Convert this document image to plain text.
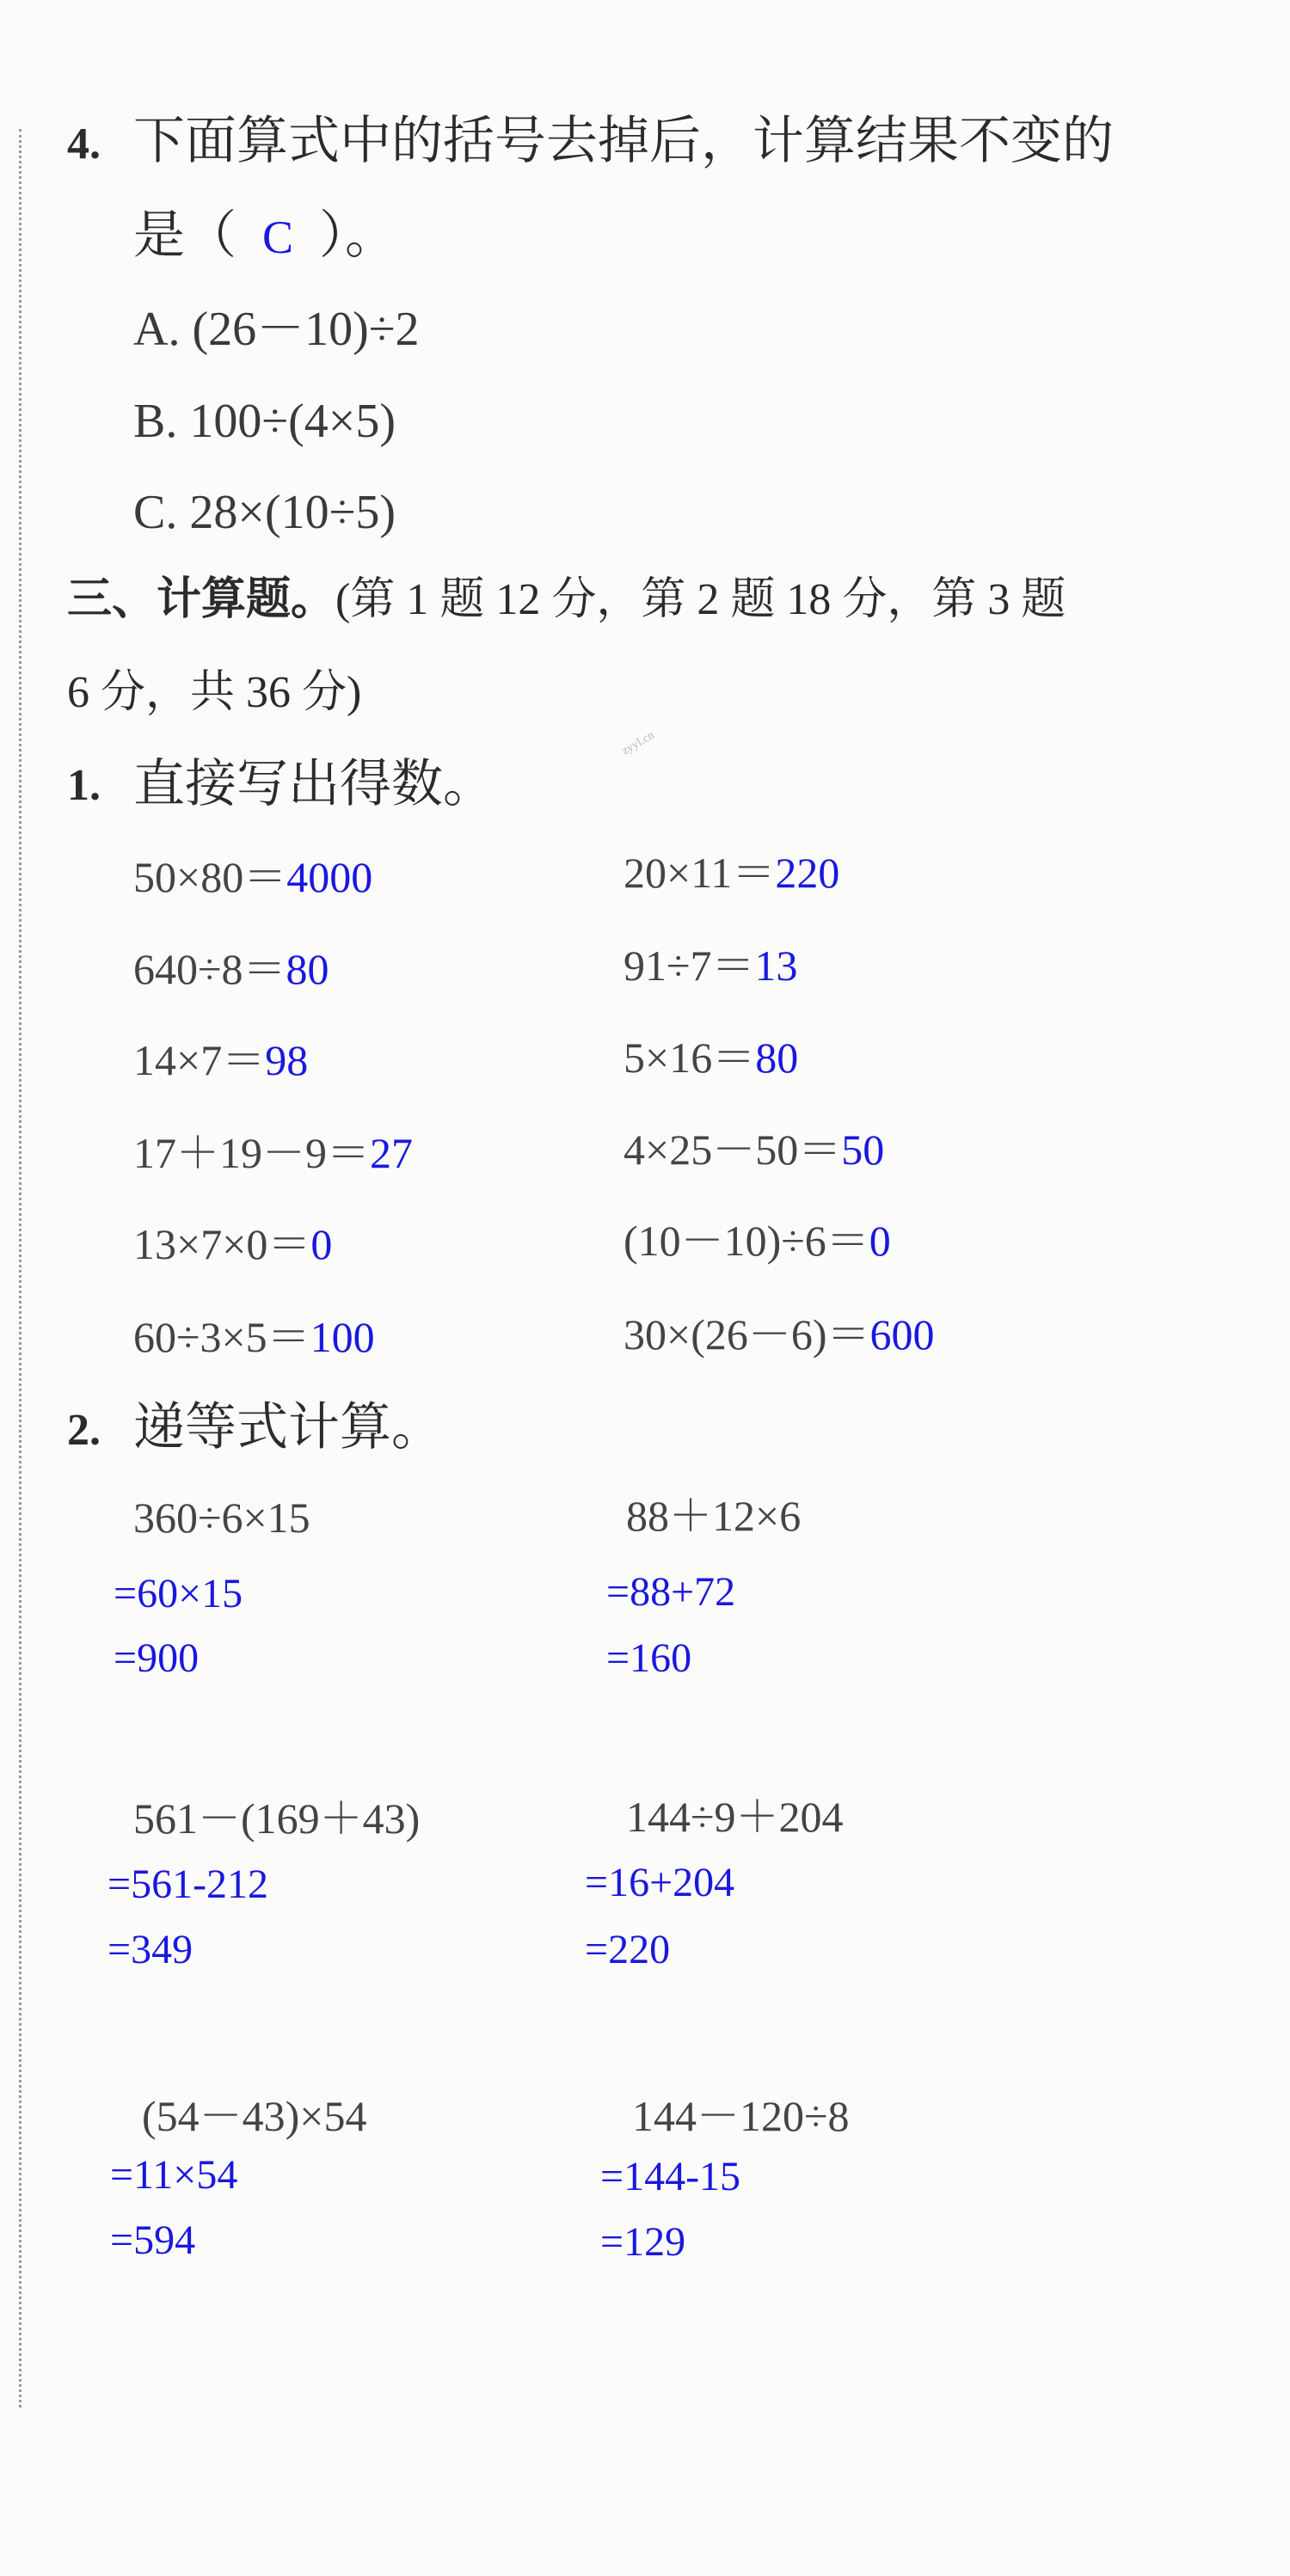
4. 下面算式中的括号去掉后，计算结果不变的
是（ C ）。
A. (26－10)÷2
B. 100÷(4×5)
C. 28×(10÷5)
三、计算题。(第 1 题 12 分，第 2 题 18 分，第 3 题
6 分，共 36 分)
zyyl.cn
1. 直接写出得数。
50×80＝4000	20×11＝220
640÷8＝80	91÷7＝13
14×7＝98	5×16＝80
17＋19－9＝27	4×25－50＝50
13×7×0＝0	(10－10)÷6＝0
60÷3×5＝100	30×(26－6)＝600
2. 递等式计算。
360÷6×15
=60×15
=900
88＋12×6
=88+72
=160
561－(169＋43)
=561-212
=349
144÷9＋204
=16+204
=220
(54－43)×54
=11×54
=594
144－120÷8
=144-15
=129
